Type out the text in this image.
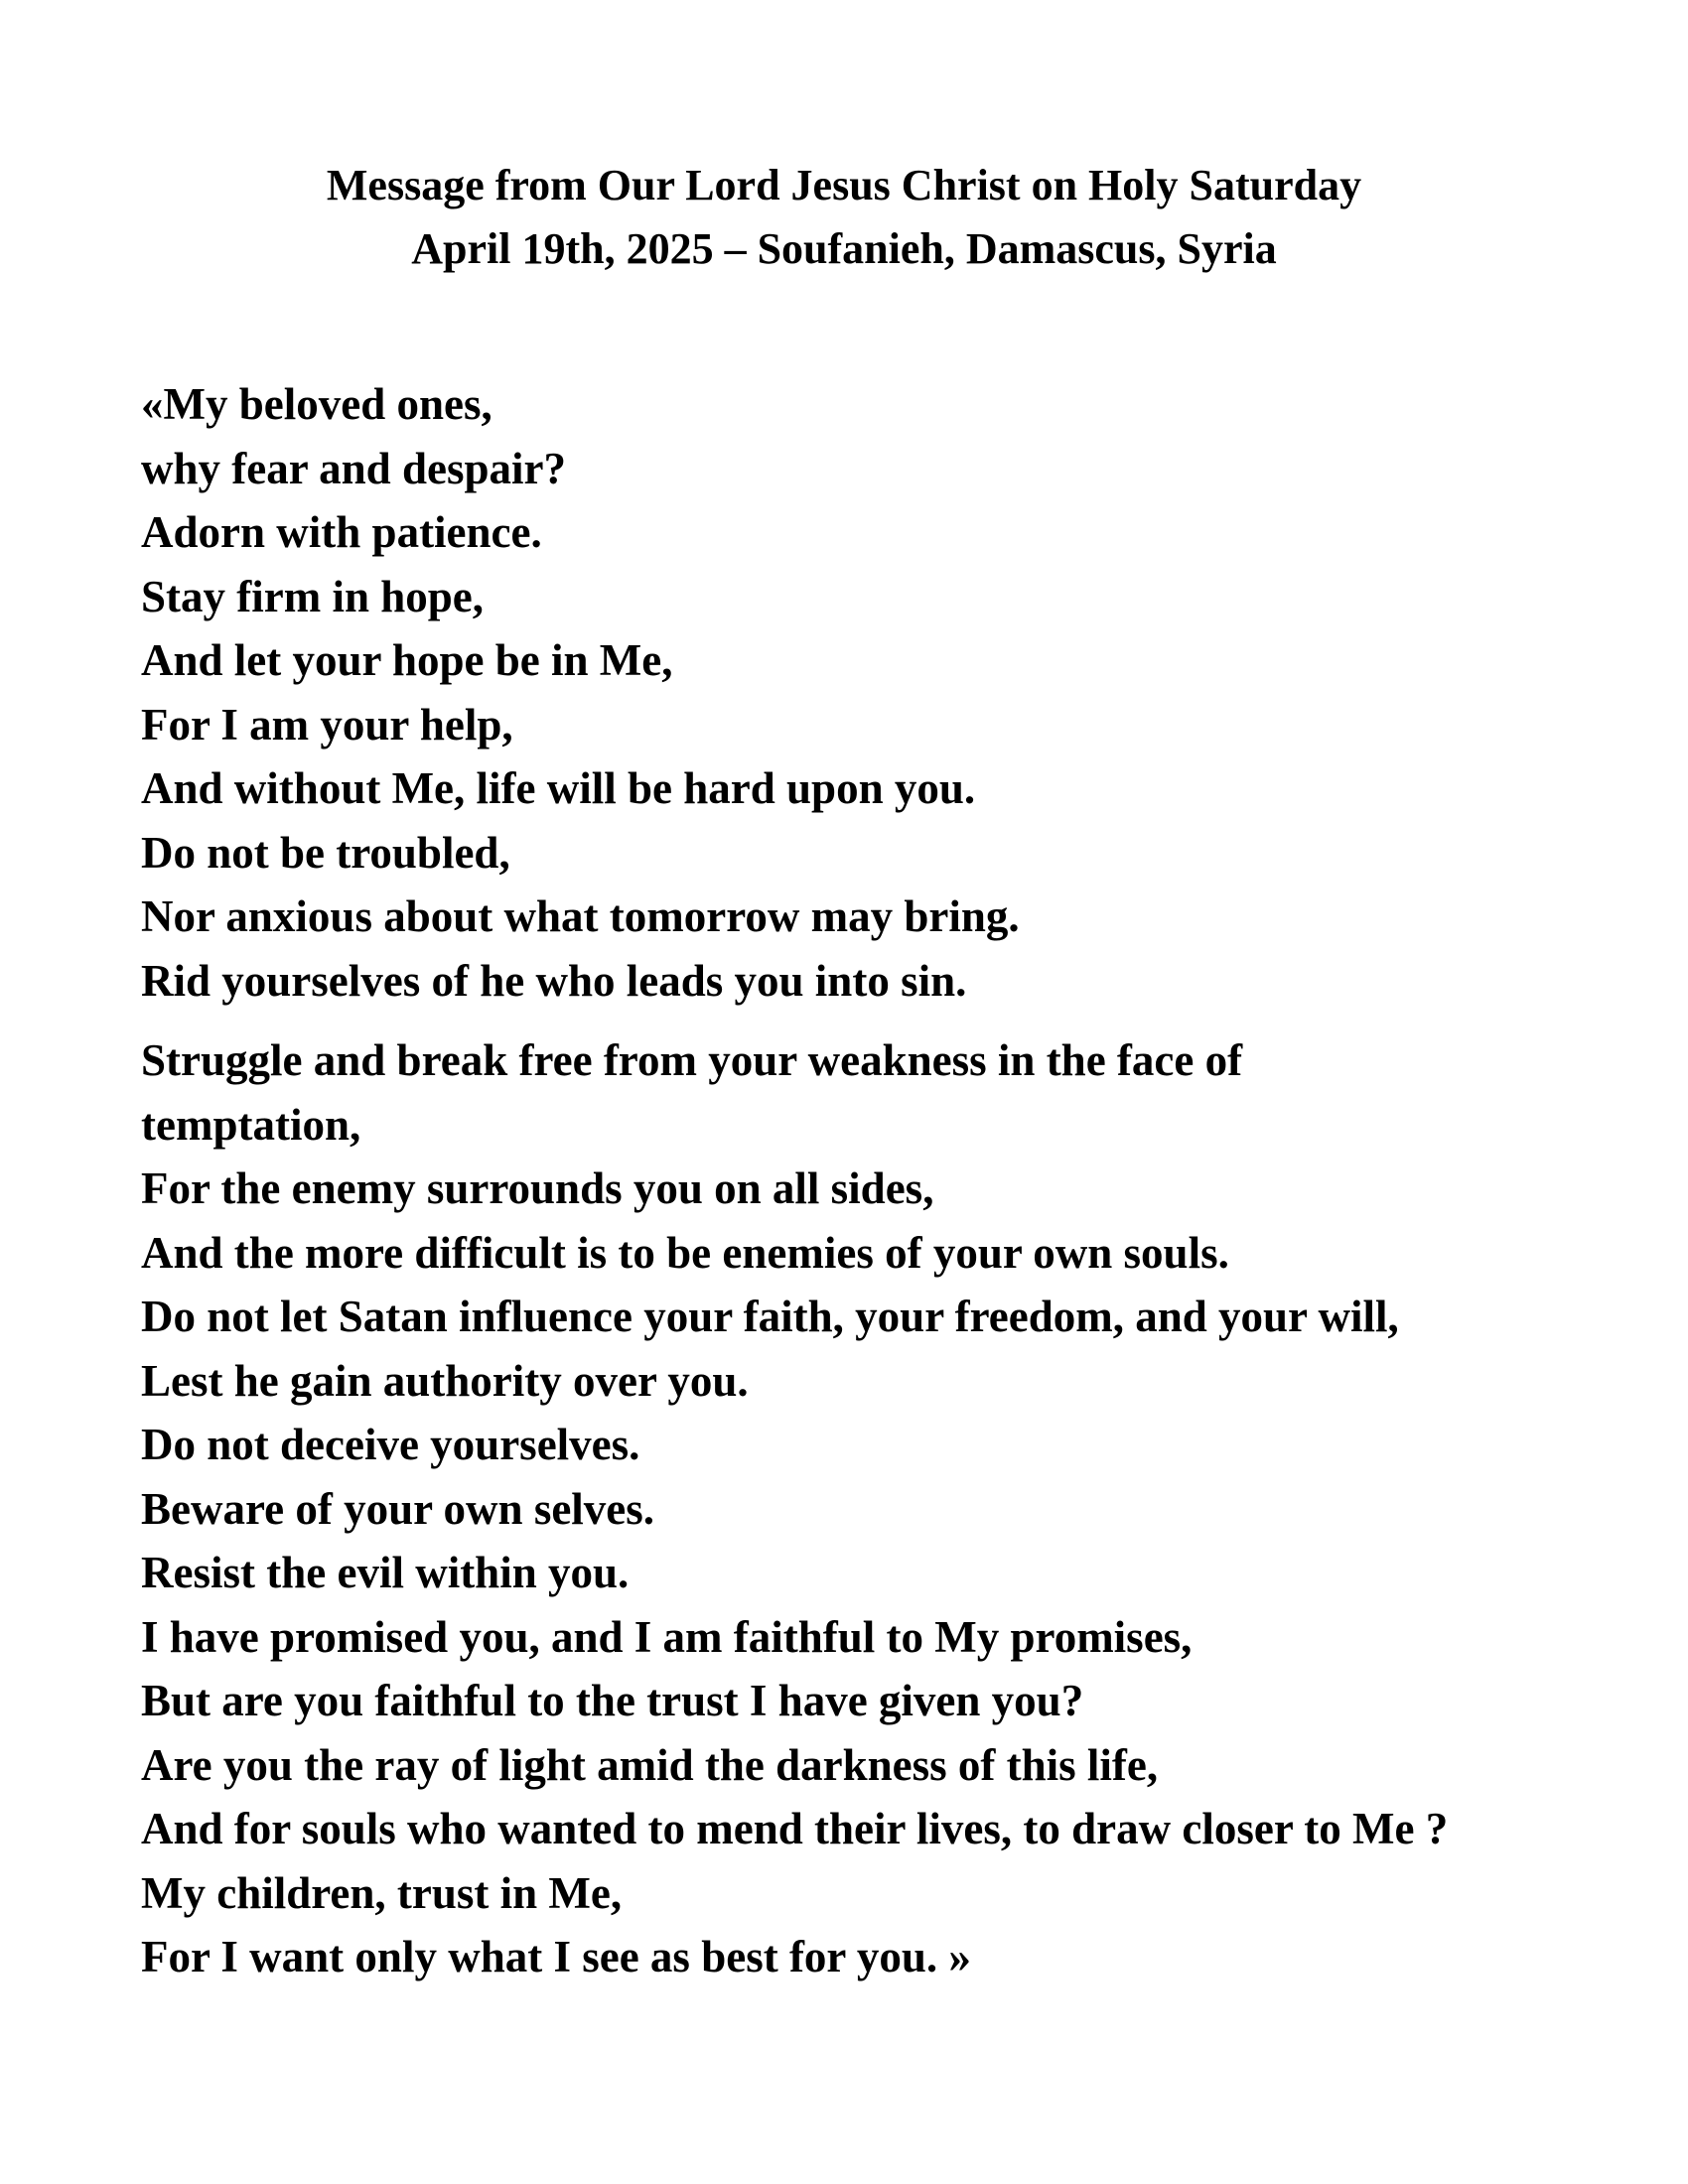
Message from Our Lord Jesus Christ on Holy Saturday
April 19th, 2025 – Soufanieh, Damascus, Syria
«My beloved ones,
why fear and despair?
Adorn with patience.
Stay firm in hope,
And let your hope be in Me,
For I am your help,
And without Me, life will be hard upon you.
Do not be troubled,
Nor anxious about what tomorrow may bring.
Rid yourselves of he who leads you into sin.
Struggle and break free from your weakness in the face of
temptation,
For the enemy surrounds you on all sides,
And the more difficult is to be enemies of your own souls.
Do not let Satan influence your faith, your freedom, and your will,
Lest he gain authority over you.
Do not deceive yourselves.
Beware of your own selves.
Resist the evil within you.
I have promised you, and I am faithful to My promises,
But are you faithful to the trust I have given you?
Are you the ray of light amid the darkness of this life,
And for souls who wanted to mend their lives, to draw closer to Me ?
My children, trust in Me,
For I want only what I see as best for you. »
